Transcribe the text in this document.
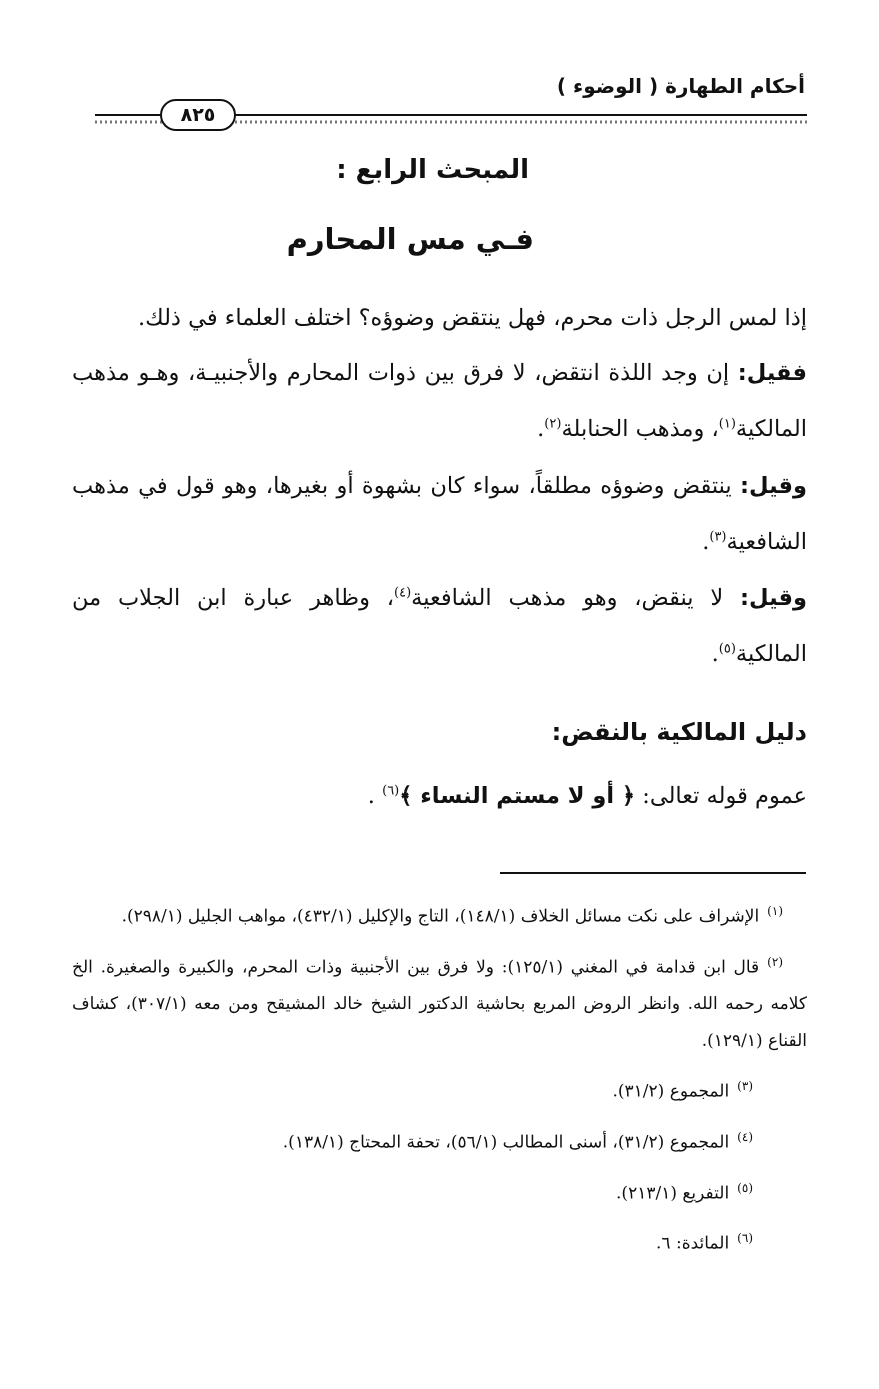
أحكام الطهارة ( الوضوء )
٨٢٥
المبحث الرابع :
فـي مس المحارم
إذا لمس الرجل ذات محرم، فهل ينتقض وضوؤه؟ اختلف العلماء في ذلك.
فقيل: إن وجد اللذة انتقض، لا فرق بين ذوات المحارم والأجنبيـة، وهـو مذهب المالكية$^{(١)}$، ومذهب الحنابلة$^{(٢)}$.
وقيل: ينتقض وضوؤه مطلقاً، سواء كان بشهوة أو بغيرها، وهو قول في مذهب الشافعية$^{(٣)}$.
وقيل: لا ينقض، وهو مذهب الشافعية$^{(٤)}$، وظاهر عبارة ابن الجلاب من المالكية$^{(٥)}$.
دليل المالكية بالنقض:
عموم قوله تعالى: ﴿ أو لا مستم النساء ﴾$^{(٦)}$ .

$^{(١)}$الإشراف على نكت مسائل الخلاف (١٤٨/١)، التاج والإكليل (٤٣٢/١)، مواهب الجليل (٢٩٨/١).

$^{(٢)}$قال ابن قدامة في المغني (١٢٥/١): ولا فرق بين الأجنبية وذات المحرم، والكبيرة والصغيرة. الخ كلامه رحمه الله. وانظر الروض المربع بحاشية الدكتور الشيخ خالد المشيقح ومن معه (٣٠٧/١)، كشاف القناع (١٢٩/١).

$^{(٣)}$المجموع (٣١/٢).

$^{(٤)}$المجموع (٣١/٢)، أسنى المطالب (٥٦/١)، تحفة المحتاج (١٣٨/١).

$^{(٥)}$التفريع (٢١٣/١).

$^{(٦)}$المائدة: ٦.
